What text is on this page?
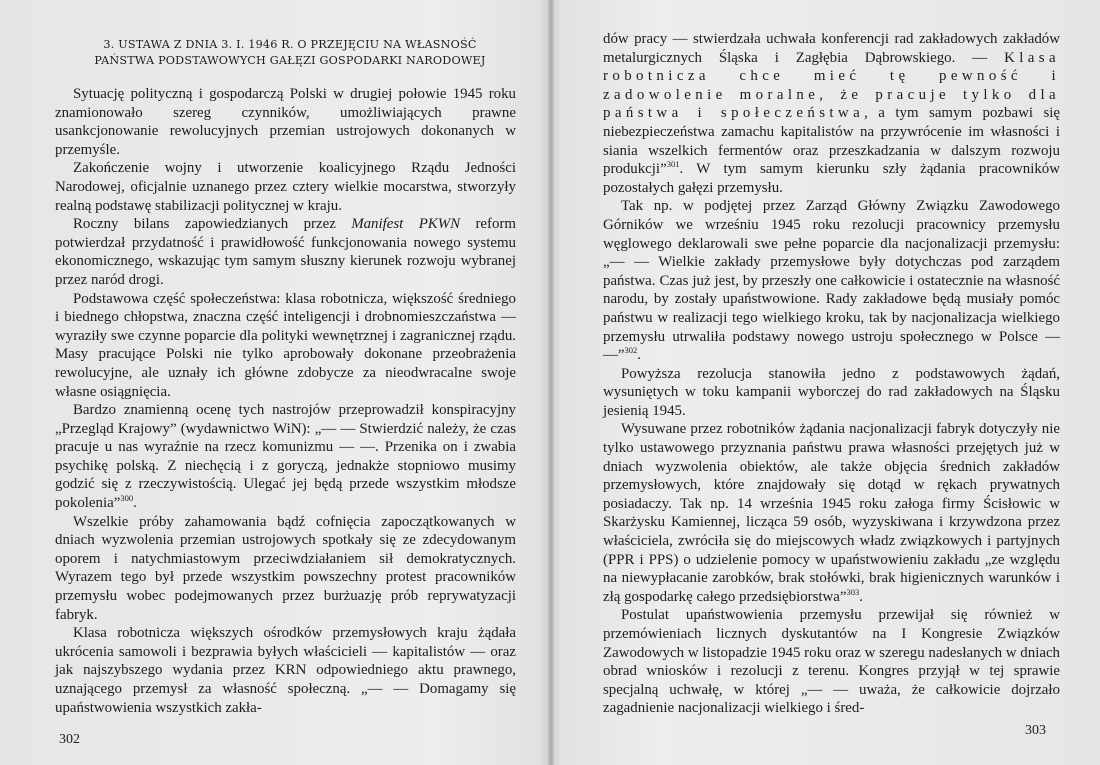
3. USTAWA Z DNIA 3. I. 1946 R. O PRZEJĘCIU NA WŁASNOŚĆ
PAŃSTWA PODSTAWOWYCH GAŁĘZI GOSPODARKI NARODOWEJ

Sytuację polityczną i gospodarczą Polski w drugiej połowie 1945 roku znamionowało szereg czynników, umożliwiających prawne usankcjonowanie rewolucyjnych przemian ustrojowych dokonanych w przemyśle.

Zakończenie wojny i utworzenie koalicyjnego Rządu Jedności Narodowej, oficjalnie uznanego przez cztery wielkie mocarstwa, stworzyły realną podstawę stabilizacji politycznej w kraju.

Roczny bilans zapowiedzianych przez Manifest PKWN reform potwierdzał przydatność i prawidłowość funkcjonowania nowego systemu ekonomicznego, wskazując tym samym słuszny kierunek rozwoju wybranej przez naród drogi.

Podstawowa część społeczeństwa: klasa robotnicza, większość średniego i biednego chłopstwa, znaczna część inteligencji i drobnomieszczaństwa — wyraziły swe czynne poparcie dla polityki wewnętrznej i zagranicznej rządu. Masy pracujące Polski nie tylko aprobowały dokonane przeobrażenia rewolucyjne, ale uznały ich główne zdobycze za nieodwracalne swoje własne osiągnięcia.

Bardzo znamienną ocenę tych nastrojów przeprowadził konspiracyjny „Przegląd Krajowy” (wydawnictwo WiN): „— — Stwierdzić należy, że czas pracuje u nas wyraźnie na rzecz komunizmu — —. Przenika on i zwabia psychikę polską. Z niechęcią i z goryczą, jednakże stopniowo musimy godzić się z rzeczywistością. Ulegać jej będą przede wszystkim młodsze pokolenia”$^{300}$.

Wszelkie próby zahamowania bądź cofnięcia zapoczątkowanych w dniach wyzwolenia przemian ustrojowych spotkały się ze zdecydowanym oporem i natychmiastowym przeciwdziałaniem sił demokratycznych. Wyrazem tego był przede wszystkim powszechny protest pracowników przemysłu wobec podejmowanych przez burżuazję prób reprywatyzacji fabryk.

Klasa robotnicza większych ośrodków przemysłowych kraju żądała ukrócenia samowoli i bezprawia byłych właścicieli — kapitalistów — oraz jak najszybszego wydania przez KRN odpowiedniego aktu prawnego, uznającego przemysł za własność społeczną. „— — Domagamy się upaństwowienia wszystkich zakła-

302

dów pracy — stwierdzała uchwała konferencji rad zakładowych zakładów metalurgicznych Śląska i Zagłębia Dąbrowskiego. — Klasa robotnicza chce mieć tę pewność i zadowolenie moralne, że pracuje tylko dla państwa i społeczeństwa, a tym samym pozbawi się niebezpieczeństwa zamachu kapitalistów na przywrócenie im własności i siania wszelkich fermentów oraz przeszkadzania w dalszym rozwoju produkcji”$^{301}$. W tym samym kierunku szły żądania pracowników pozostałych gałęzi przemysłu.

Tak np. w podjętej przez Zarząd Główny Związku Zawodowego Górników we wrześniu 1945 roku rezolucji pracownicy przemysłu węglowego deklarowali swe pełne poparcie dla nacjonalizacji przemysłu: „— — Wielkie zakłady przemysłowe były dotychczas pod zarządem państwa. Czas już jest, by przeszły one całkowicie i ostatecznie na własność narodu, by zostały upaństwowione. Rady zakładowe będą musiały pomóc państwu w realizacji tego wielkiego kroku, tak by nacjonalizacja wielkiego przemysłu utrwaliła podstawy nowego ustroju społecznego w Polsce — —”$^{302}$.

Powyższa rezolucja stanowiła jedno z podstawowych żądań, wysuniętych w toku kampanii wyborczej do rad zakładowych na Śląsku jesienią 1945.

Wysuwane przez robotników żądania nacjonalizacji fabryk dotyczyły nie tylko ustawowego przyznania państwu prawa własności przejętych już w dniach wyzwolenia obiektów, ale także objęcia średnich zakładów przemysłowych, które znajdowały się dotąd w rękach prywatnych posiadaczy. Tak np. 14 września 1945 roku załoga firmy Ścisłowic w Skarżysku Kamiennej, licząca 59 osób, wyzyskiwana i krzywdzona przez właściciela, zwróciła się do miejscowych władz związkowych i partyjnych (PPR i PPS) o udzielenie pomocy w upaństwowieniu zakładu „ze względu na niewypłacanie zarobków, brak stołówki, brak higienicznych warunków i złą gospodarkę całego przedsiębiorstwa”$^{303}$.

Postulat upaństwowienia przemysłu przewijał się również w przemówieniach licznych dyskutantów na I Kongresie Związków Zawodowych w listopadzie 1945 roku oraz w szeregu nadesłanych w dniach obrad wniosków i rezolucji z terenu. Kongres przyjął w tej sprawie specjalną uchwałę, w której „— — uważa, że całkowicie dojrzało zagadnienie nacjonalizacji wielkiego i śred-

303
